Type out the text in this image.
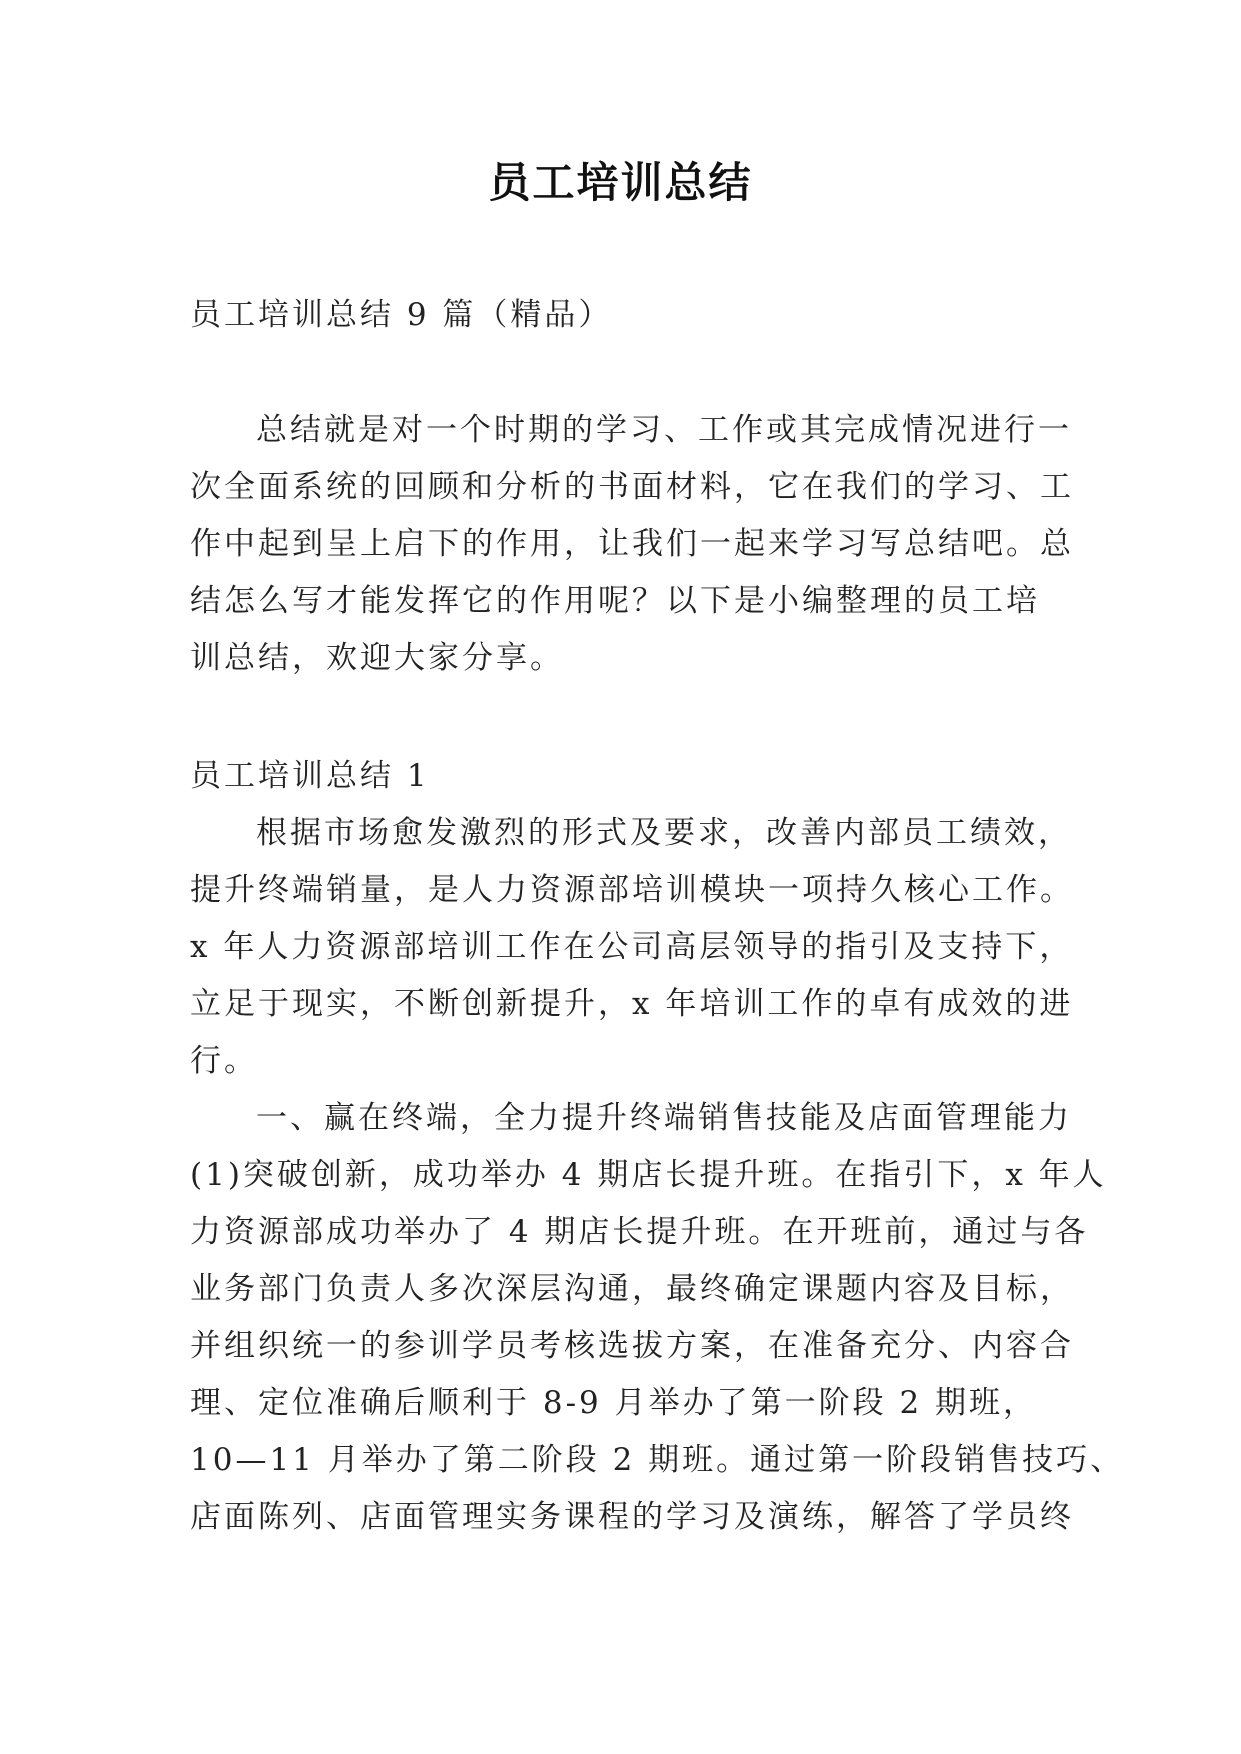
员工培训总结
员工培训总结 9 篇（精品）
总结就是对一个时期的学习、工作或其完成情况进行一
次全面系统的回顾和分析的书面材料，它在我们的学习、工
作中起到呈上启下的作用，让我们一起来学习写总结吧。总
结怎么写才能发挥它的作用呢？以下是小编整理的员工培
训总结，欢迎大家分享。
员工培训总结 1
根据市场愈发激烈的形式及要求，改善内部员工绩效，
提升终端销量，是人力资源部培训模块一项持久核心工作。
x 年人力资源部培训工作在公司高层领导的指引及支持下，
立足于现实，不断创新提升，x 年培训工作的卓有成效的进
行。
一、赢在终端，全力提升终端销售技能及店面管理能力
(1)突破创新，成功举办 4 期店长提升班。在指引下，x 年人
力资源部成功举办了 4 期店长提升班。在开班前，通过与各
业务部门负责人多次深层沟通，最终确定课题内容及目标，
并组织统一的参训学员考核选拔方案，在准备充分、内容合
理、定位准确后顺利于 8-9 月举办了第一阶段 2 期班，
10—11 月举办了第二阶段 2 期班。通过第一阶段销售技巧、
店面陈列、店面管理实务课程的学习及演练，解答了学员终
